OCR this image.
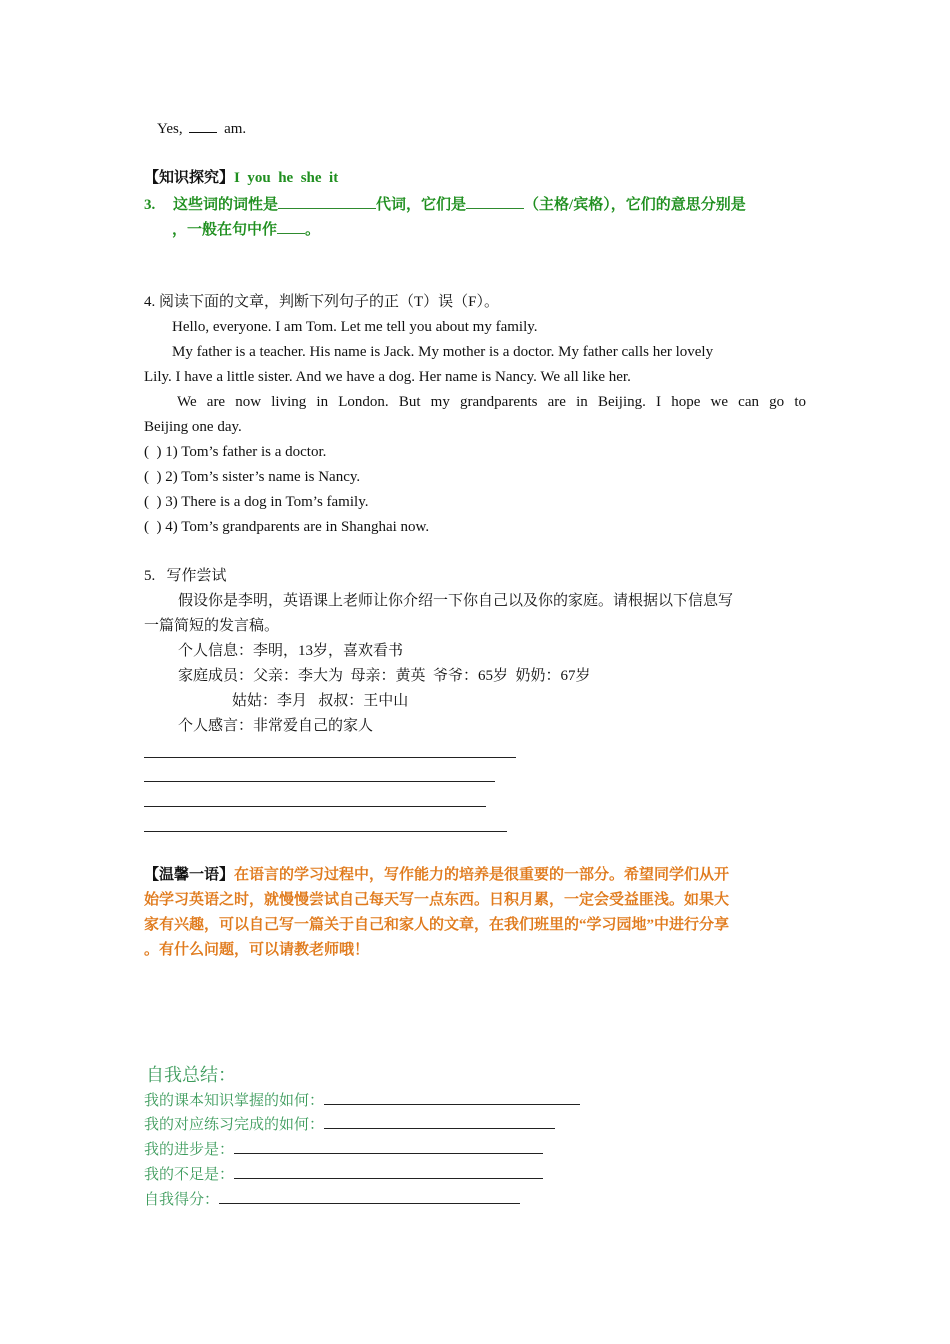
Yes,	am.
【知识探究】I  you  he  she  it
3. 这些词的词性是	代词，它们是	（主格/宾格），它们的意思分别是
，一般在句中作 。
4. 阅读下面的文章，判断下列句子的正（T）误（F）。
Hello, everyone. I am Tom. Let me tell you about my family.
My father is a teacher. His name is Jack. My mother is a doctor. My father calls her lovely
Lily. I have a little sister. And we have a dog. Her name is Nancy. We all like her.
We are now living in London. But my grandparents are in Beijing. I hope we can go to
Beijing one day.
(  ) 1) Tom’s father is a doctor.
(  ) 2) Tom’s sister’s name is Nancy.
(  ) 3) There is a dog in Tom’s family.
(  ) 4) Tom’s grandparents are in Shanghai now.
5.   写作尝试
假设你是李明，英语课上老师让你介绍一下你自己以及你的家庭。请根据以下信息写
一篇简短的发言稿。
个人信息：李明，13岁，喜欢看书
家庭成员：父亲：李大为  母亲：黄英  爷爷：65岁  奶奶：67岁
姑姑：李月   叔叔：王中山
个人感言：非常爱自己的家人
【温馨一语】在语言的学习过程中，写作能力的培养是很重要的一部分。希望同学们从开
始学习英语之时，就慢慢尝试自己每天写一点东西。日积月累，一定会受益匪浅。如果大
家有兴趣，可以自己写一篇关于自己和家人的文章，在我们班里的“学习园地”中进行分享
。有什么问题，可以请教老师哦！
自我总结：
我的课本知识掌握的如何：
我的对应练习完成的如何：
我的进步是：
我的不足是：
自我得分：
